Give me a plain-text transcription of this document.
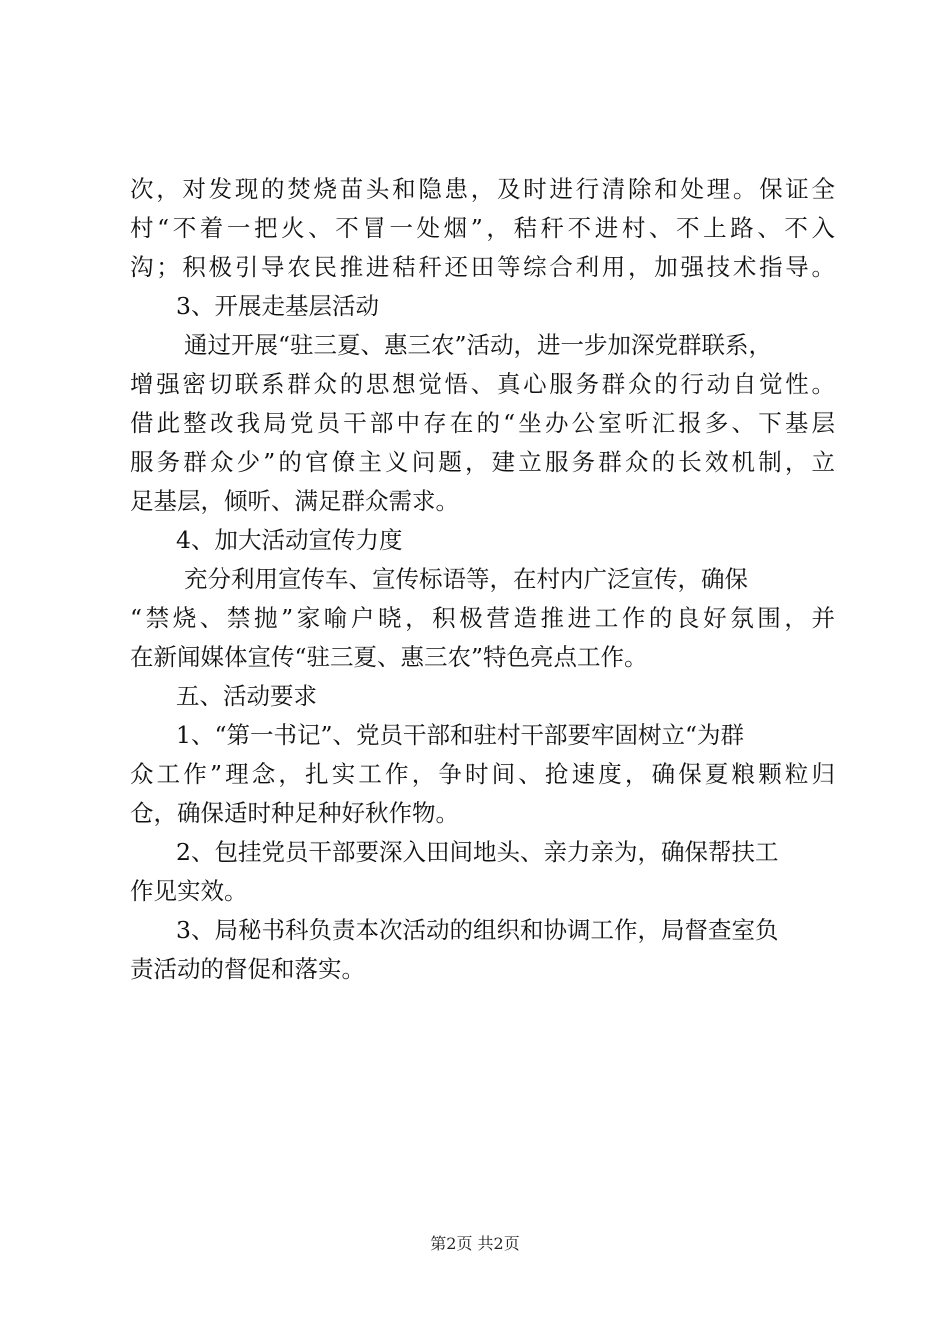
次，对发现的焚烧苗头和隐患，及时进行清除和处理。保证全
村“不着一把火、不冒一处烟”，秸秆不进村、不上路、不入
沟；积极引导农民推进秸秆还田等综合利用，加强技术指导。
3、开展走基层活动
通过开展“驻三夏、惠三农”活动，进一步加深党群联系，
增强密切联系群众的思想觉悟、真心服务群众的行动自觉性。
借此整改我局党员干部中存在的“坐办公室听汇报多、下基层
服务群众少”的官僚主义问题，建立服务群众的长效机制，立
足基层，倾听、满足群众需求。
4、加大活动宣传力度
充分利用宣传车、宣传标语等，在村内广泛宣传，确保
“禁烧、禁抛”家喻户晓，积极营造推进工作的良好氛围，并
在新闻媒体宣传“驻三夏、惠三农”特色亮点工作。
五、活动要求
1、“第一书记”、党员干部和驻村干部要牢固树立“为群
众工作”理念，扎实工作，争时间、抢速度，确保夏粮颗粒归
仓，确保适时种足种好秋作物。
2、包挂党员干部要深入田间地头、亲力亲为，确保帮扶工
作见实效。
3、局秘书科负责本次活动的组织和协调工作，局督查室负
责活动的督促和落实。
第2页 共2页
